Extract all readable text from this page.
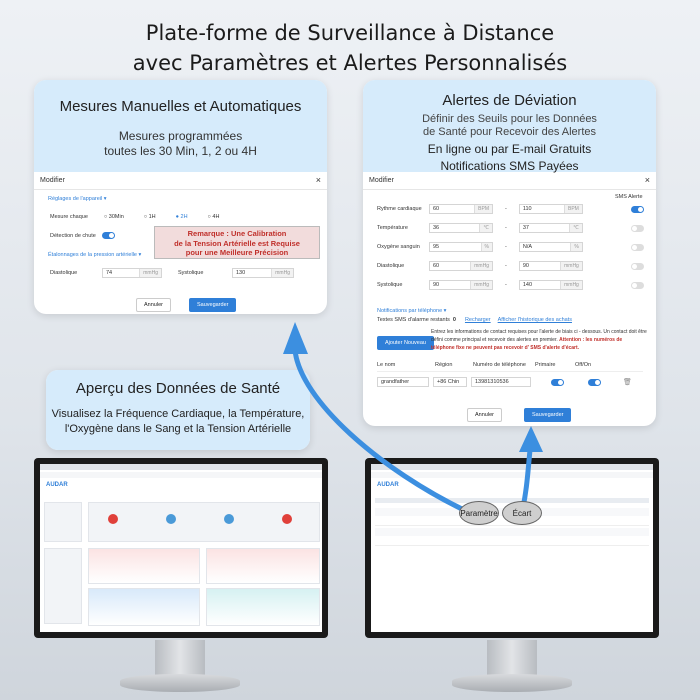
Plate-forme de Surveillance à Distance
avec Paramètres et Alertes Personnalisés
Mesures Manuelles et Automatiques
Mesures programmées
toutes les 30 Min, 1, 2 ou 4H
Modifier	×
Réglages de l'appareil ▾
Mesure chaque	○ 30Min	○ 1H	● 2H	○ 4H
Détection de chute
Étalonnages de la pression artérielle ▾
Diastolique	74	mmHg	Systolique	130	mmHg
Annuler	Sauvegarder
Remarque : Une Calibration
de la Tension Artérielle est Requise
pour une Meilleure Précision
Alertes de Déviation
Définir des Seuils pour les Données
de Santé pour Recevoir des Alertes
En ligne ou par E-mail Gratuits
Notifications SMS Payées
Modifier	×
SMS Alerte
Rythme cardiaque	60	BPM	-	110	BPM
Température	36	℃	-	37	℃
Oxygène sanguin	95	%	-	N/A	%
Diastolique	60	mmHg	-	90	mmHg
Systolique	90	mmHg	-	140	mmHg
Notifications par téléphone ▾
Textes SMS d'alarme restants 0 Recharger Afficher l'historique des achats
Ajouter Nouveau
Entrez les informations de contact requises pour l'alerte de biais ci - dessous. Un contact doit être défini comme principal et recevoir des alertes en premier. Attention : les numéros de téléphone fixe ne peuvent pas recevoir d' SMS d'alerte d'écart.
Le nom	Région	Numéro de téléphone	Primaire	Off/On
grandfather	+86 Chin	13981310536	🗑
Annuler	Sauvegarder
Aperçu des Données de Santé
Visualisez la Fréquence Cardiaque, la Température,
l'Oxygène dans le Sang et la Tension Artérielle
AUDAR	AUDAR
Paramètre	Écart
